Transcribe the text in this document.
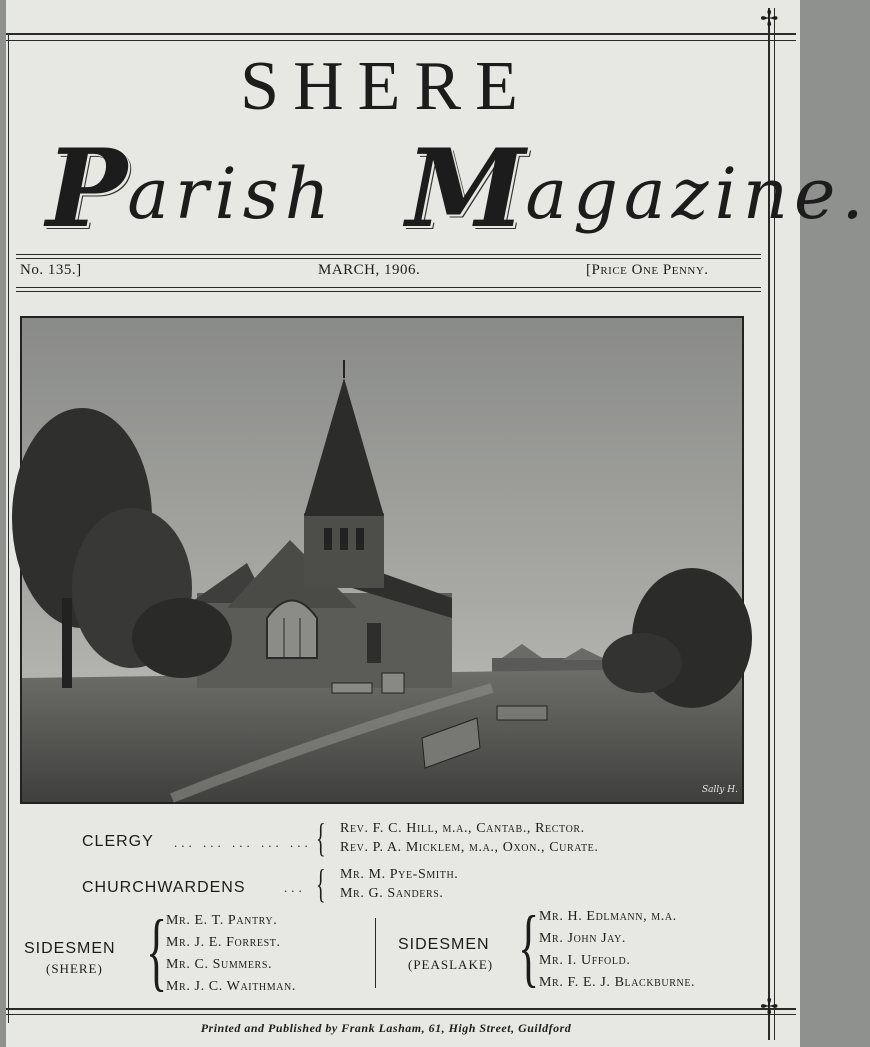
✢
✢
SHERE
Parish Magazine.
No. 135.]	MARCH, 1906.	[Price One Penny.
Sally H.
CLERGY ... ... ... ... ... { Rev. F. C. Hill, m.a., Cantab., Rector.
Rev. P. A. Micklem, m.a., Oxon., Curate.
CHURCHWARDENS	... { Mr. M. Pye-Smith.
Mr. G. Sanders.
SIDESMEN
(SHERE) {
Mr. E. T. Pantry.
Mr. J. E. Forrest.
Mr. C. Summers.
Mr. J. C. Waithman.
SIDESMEN
(PEASLAKE) { Mr. H. Edlmann, m.a.
Mr. John Jay.
Mr. I. Uffold.
Mr. F. E. J. Blackburne.
Printed and Published by Frank Lasham, 61, High Street, Guildford
